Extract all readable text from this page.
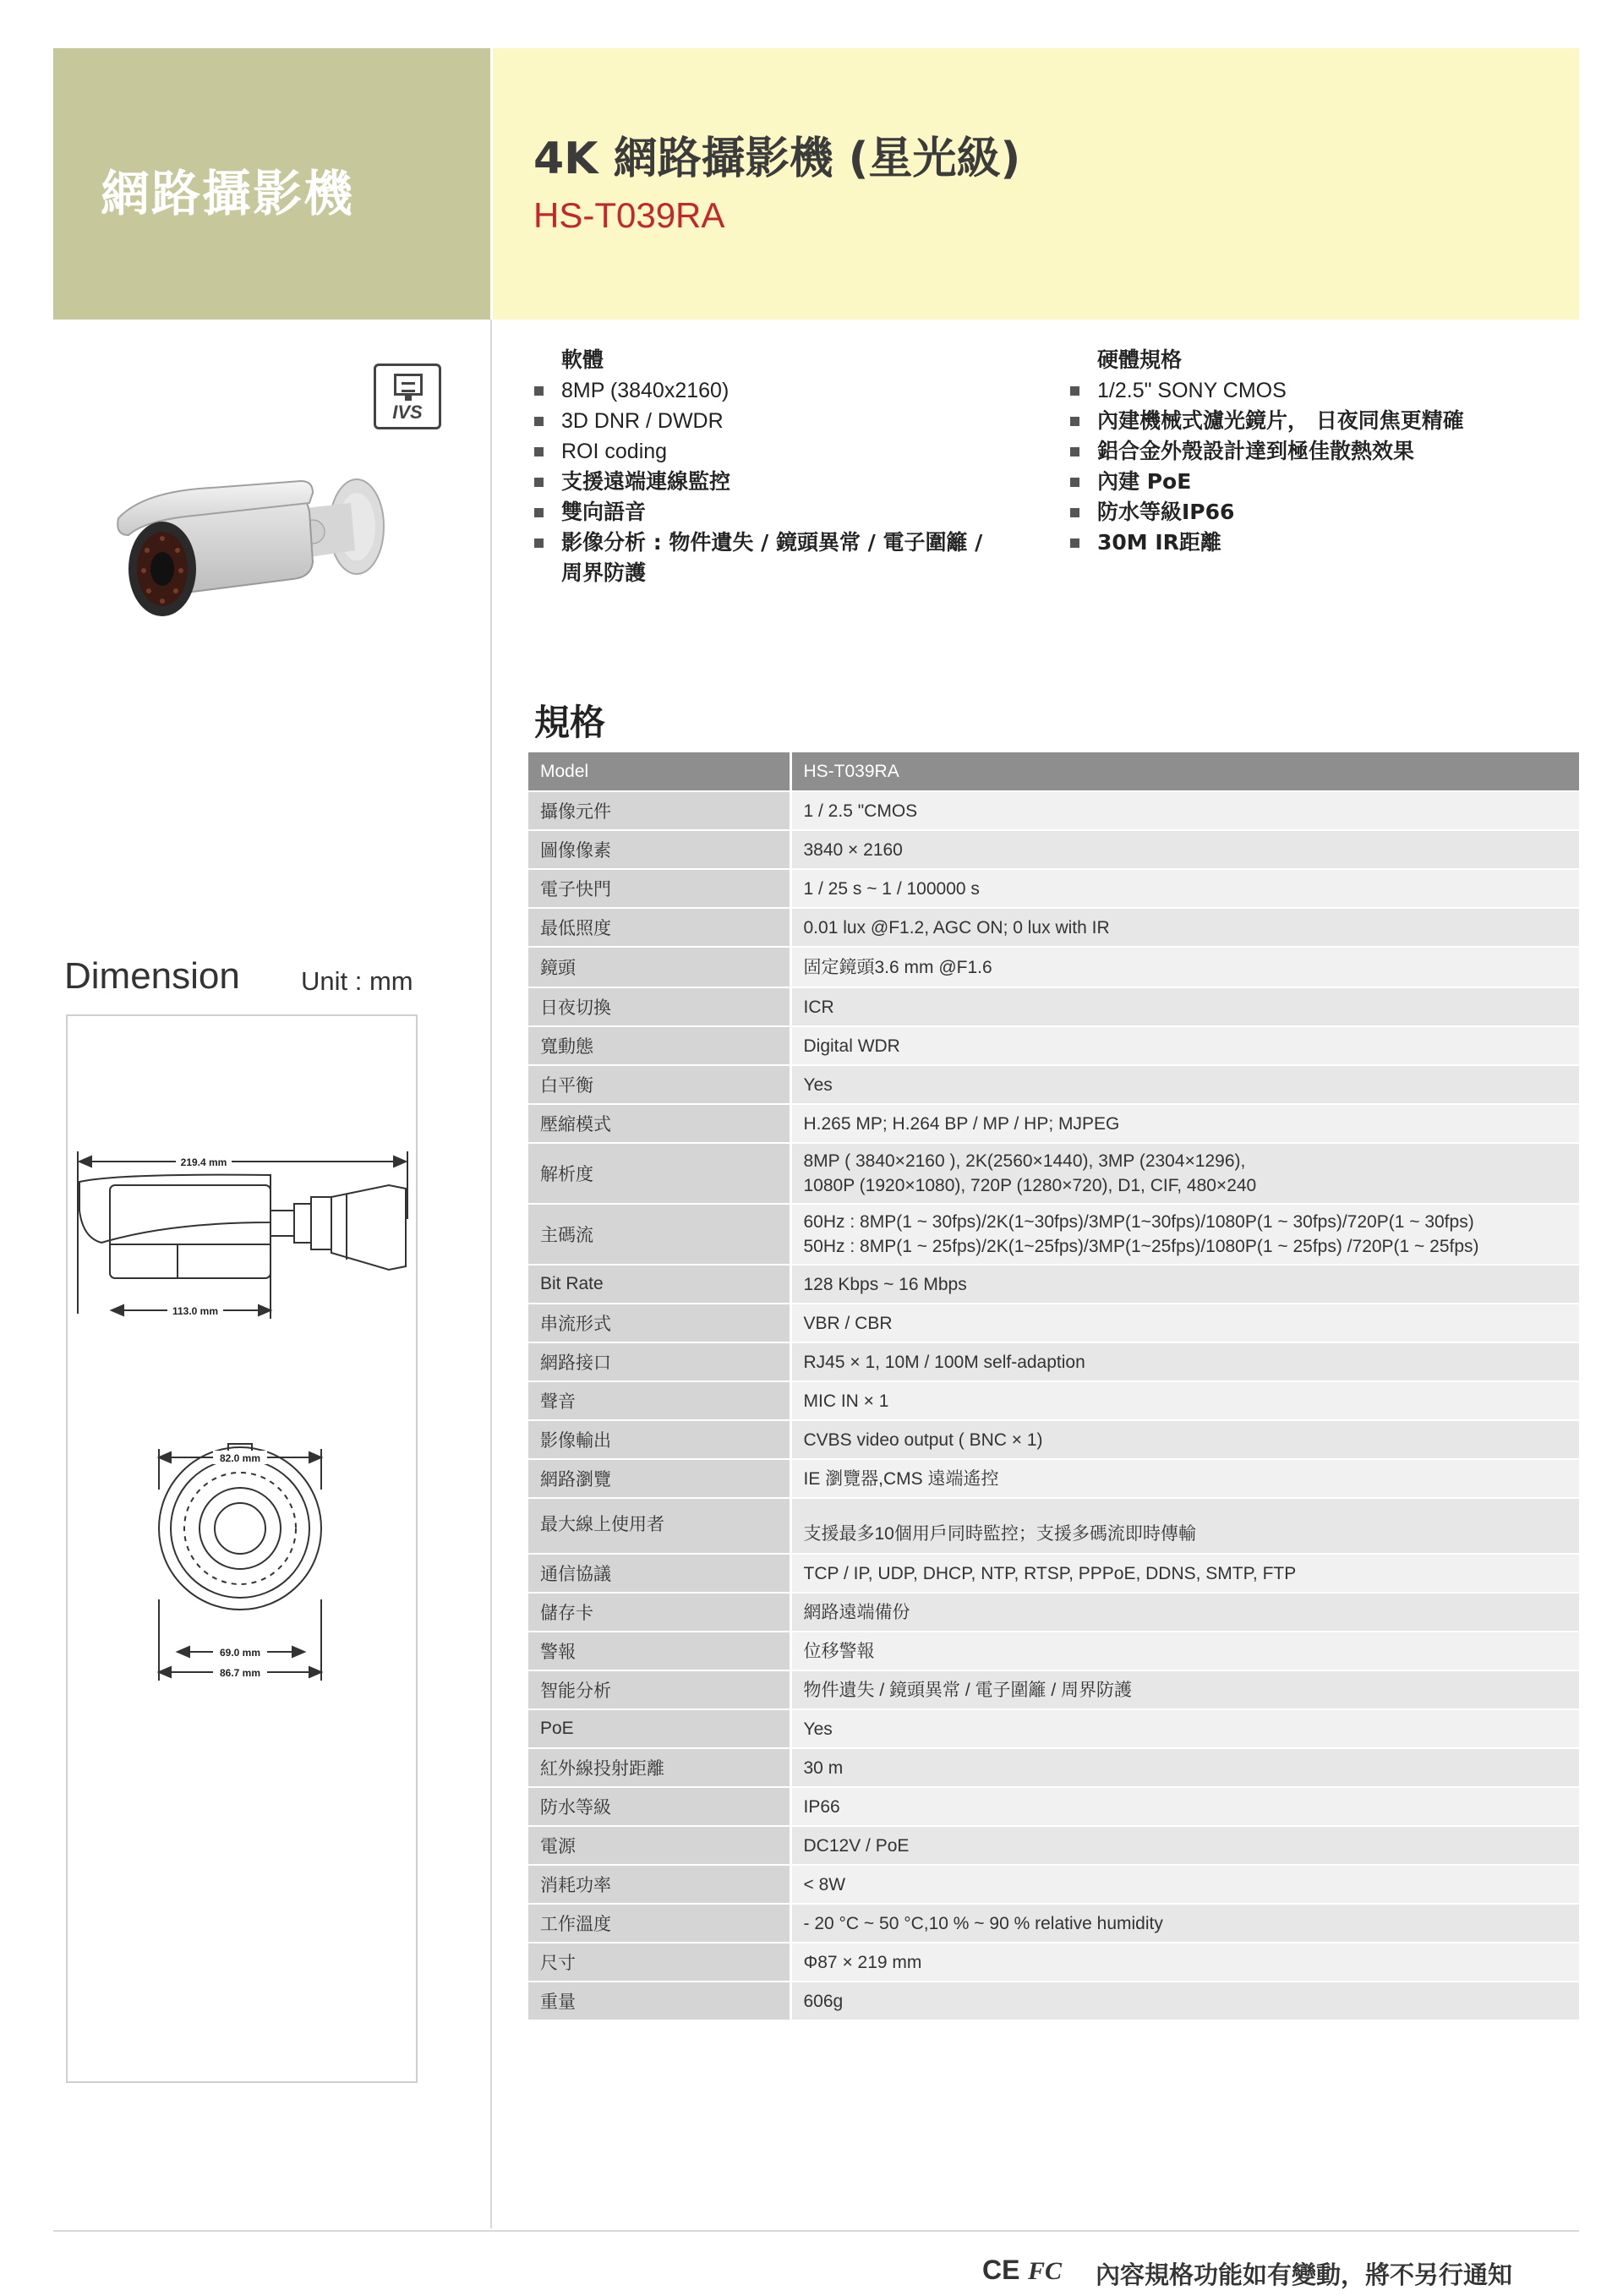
網路攝影機
4K 網路攝影機 (星光級)
HS-T039RA
IVS
軟體
8MP (3840x2160)
3D DNR / DWDR
ROI coding
支援遠端連線監控
雙向語音
影像分析 : 物件遺失 / 鏡頭異常 / 電子圍籬 /
周界防護
硬體規格
1/2.5" SONY CMOS
內建機械式濾光鏡片， 日夜同焦更精確
鋁合金外殼設計達到極佳散熱效果
內建 PoE
防水等級IP66
30M IR距離
規格
Model	HS-T039RA

攝像元件	1 / 2.5 "CMOS

圖像像素	3840 × 2160

電子快門	1 / 25 s ~ 1 / 100000 s

最低照度	0.01 lux @F1.2, AGC ON; 0 lux with IR

鏡頭	固定鏡頭3.6 mm @F1.6

日夜切換	ICR

寬動態	Digital WDR

白平衡	Yes

壓縮模式	H.265 MP; H.264 BP / MP / HP; MJPEG

解析度	8MP ( 3840×2160 ), 2K(2560×1440), 3MP (2304×1296),
1080P (1920×1080), 720P (1280×720), D1, CIF, 480×240

主碼流	60Hz : 8MP(1 ~ 30fps)/2K(1~30fps)/3MP(1~30fps)/1080P(1 ~ 30fps)/720P(1 ~ 30fps)
50Hz : 8MP(1 ~ 25fps)/2K(1~25fps)/3MP(1~25fps)/1080P(1 ~ 25fps) /720P(1 ~ 25fps)

Bit Rate	128 Kbps ~ 16 Mbps

串流形式	VBR / CBR

網路接口	RJ45 × 1, 10M / 100M self-adaption

聲音	MIC IN × 1

影像輸出	CVBS video output ( BNC × 1)

網路瀏覽	IE 瀏覽器,CMS 遠端遙控

最大線上使用者	支援最多10個用戶同時監控；支援多碼流即時傳輸

通信協議	TCP / IP, UDP, DHCP, NTP, RTSP, PPPoE, DDNS, SMTP, FTP

儲存卡	網路遠端備份

警報	位移警報

智能分析	物件遺失 / 鏡頭異常 / 電子圍籬 / 周界防護

PoE	Yes

紅外線投射距離	30 m

防水等級	IP66

電源	DC12V / PoE

消耗功率	< 8W

工作溫度	- 20 °C ~ 50 °C,10 % ~ 90 % relative humidity

尺寸	Φ87 × 219 mm

重量	606g
Dimension Unit : mm
219.4 mm
113.0 mm
82.0 mm
69.0 mm
86.7 mm
CE FC 內容規格功能如有變動，將不另行通知
